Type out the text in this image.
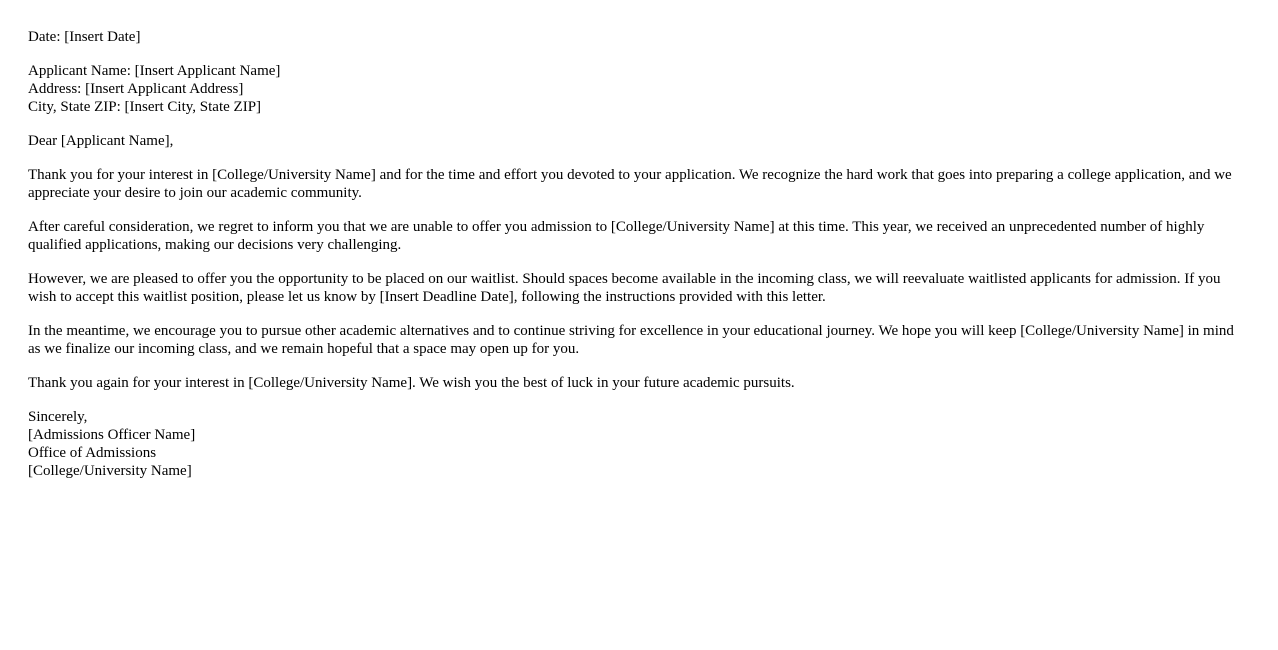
Date: [Insert Date]
Applicant Name: [Insert Applicant Name]
Address: [Insert Applicant Address]
City, State ZIP: [Insert City, State ZIP]
Dear [Applicant Name],

Thank you for your interest in [College/University Name] and for the time and effort you devoted to your application. We recognize the hard work that goes into preparing a college application, and we appreciate your desire to join our academic community.

After careful consideration, we regret to inform you that we are unable to offer you admission to [College/University Name] at this time. This year, we received an unprecedented number of highly qualified applications, making our decisions very challenging.

However, we are pleased to offer you the opportunity to be placed on our waitlist. Should spaces become available in the incoming class, we will reevaluate waitlisted applicants for admission. If you wish to accept this waitlist position, please let us know by [Insert Deadline Date], following the instructions provided with this letter.

In the meantime, we encourage you to pursue other academic alternatives and to continue striving for excellence in your educational journey. We hope you will keep [College/University Name] in mind as we finalize our incoming class, and we remain hopeful that a space may open up for you.

Thank you again for your interest in [College/University Name]. We wish you the best of luck in your future academic pursuits.

Sincerely,
[Admissions Officer Name]
Office of Admissions
[College/University Name]
